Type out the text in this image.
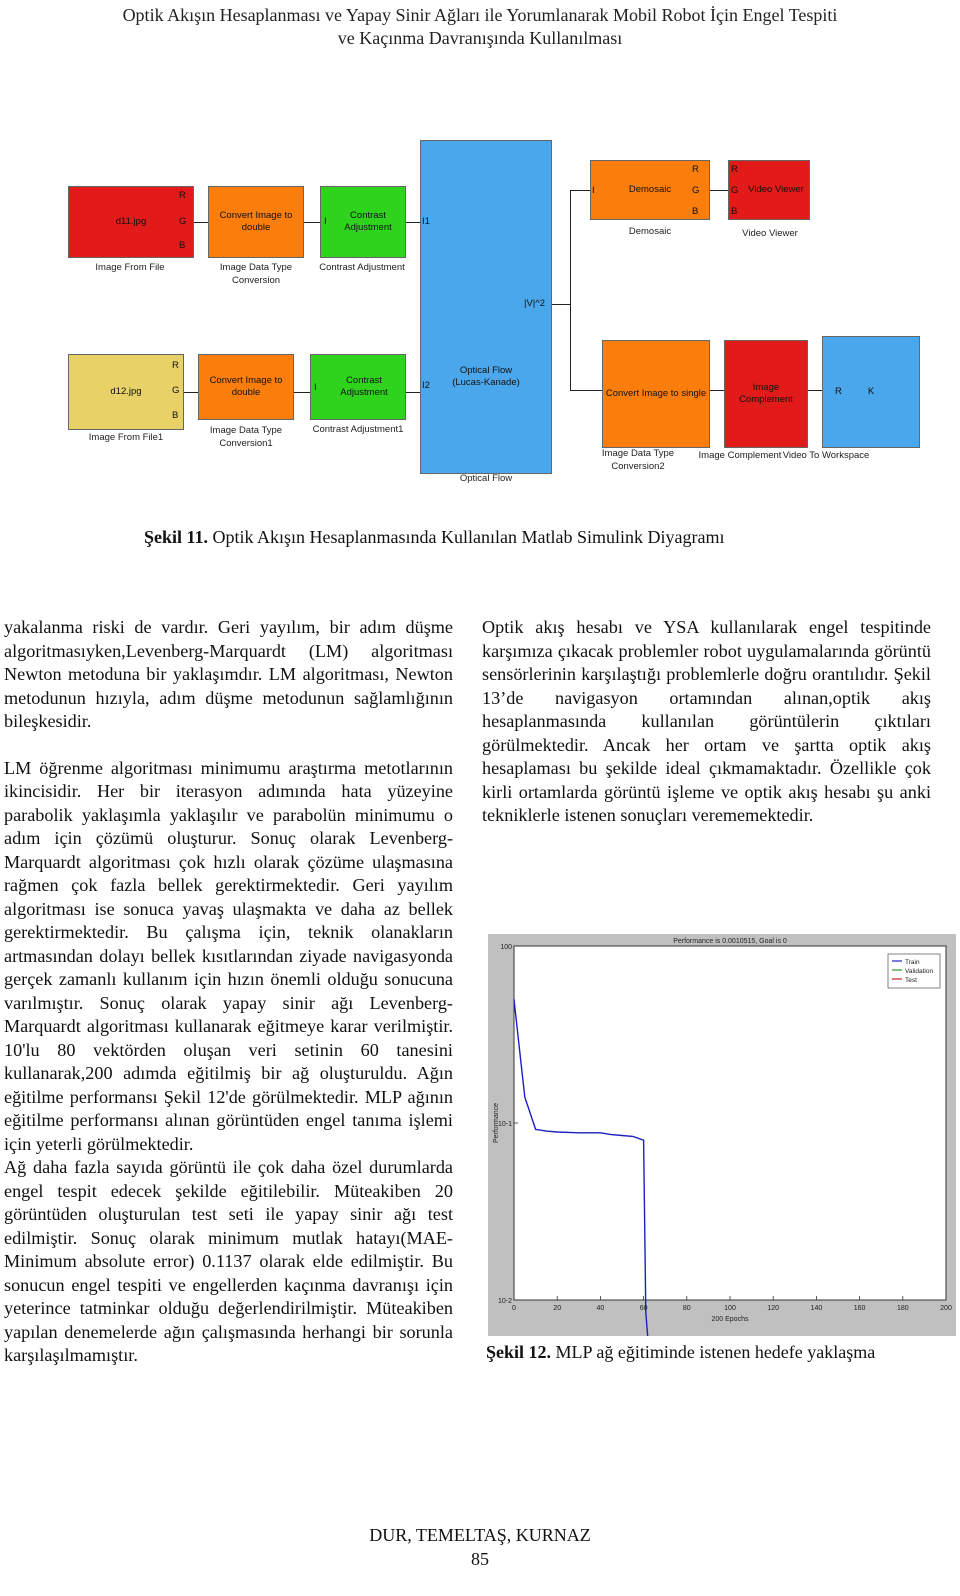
Optik Akışın Hesaplanması ve Yapay Sinir Ağları ile Yorumlanarak Mobil Robot İçin Engel Tespiti
ve Kaçınma Davranışında Kullanılması
d11.jpg
R
G
B
Image From File
Convert Image to double
Image Data Type
Conversion
Contrast Adjustment
I
Contrast Adjustment
Optical Flow
(Lucas-Kanade)
I1
I2
|V|^2
Optical Flow
Demosaic
I
R
G
B
Demosaic
Video Viewer
R
G
B
Video Viewer
d12.jpg
R
G
B
Image From File1
Convert Image to double
Image Data Type
Conversion1
Contrast Adjustment
I
Contrast Adjustment1
Convert Image to single
Image Data Type
Conversion2
Image Complement
Image Complement
R	K
Video To Workspace
Şekil 11. Optik Akışın Hesaplanmasında Kullanılan Matlab Simulink Diyagramı

yakalanma riski de vardır. Geri yayılım, bir adım düşme algoritmasıyken,Levenberg-Marquardt (LM) algoritması Newton metoduna bir yaklaşımdır. LM algoritması, Newton metodunun hızıyla, adım düşme metodunun sağlamlığının bileşkesidir.

LM öğrenme algoritması minimumu araştırma metotlarının ikincisidir. Her bir iterasyon adımında hata yüzeyine parabolik yaklaşımla yaklaşılır ve parabolün minimumu o adım için çözümü oluşturur. Sonuç olarak Levenberg-Marquardt algoritması çok hızlı olarak çözüme ulaşmasına rağmen çok fazla bellek gerektirmektedir. Geri yayılım algoritması ise sonuca yavaş ulaşmakta ve daha az bellek gerektirmektedir. Bu çalışma için, teknik olanakların artmasından dolayı bellek kısıtlarından ziyade navigasyonda gerçek zamanlı kullanım için hızın önemli olduğu sonucuna varılmıştır. Sonuç olarak yapay sinir ağı Levenberg-Marquardt algoritması kullanarak eğitmeye karar verilmiştir. 10'lu 80 vektörden oluşan veri setinin 60 tanesini kullanarak,200 adımda eğitilmiş bir ağ oluşturuldu. Ağın eğitilme performansı Şekil 12'de görülmektedir. MLP ağının eğitilme performansı alınan görüntüden engel tanıma işlemi için yeterli görülmektedir.

Ağ daha fazla sayıda görüntü ile çok daha özel durumlarda engel tespit edecek şekilde eğitilebilir. Müteakiben 20 görüntüden oluşturulan test seti ile yapay sinir ağı test edilmiştir. Sonuç olarak minimum mutlak hatayı(MAE-Minimum absolute error) 0.1137 olarak elde edilmiştir. Bu sonucun engel tespiti ve engellerden kaçınma davranışı için yeterince tatminkar olduğu değerlendirilmiştir. Müteakiben yapılan denemelerde ağın çalışmasında herhangi bir sorunla karşılaşılmamıştır.

Optik akış hesabı ve YSA kullanılarak engel tespitinde karşımıza çıkacak problemler robot uygulamalarında görüntü sensörlerinin karşılaştığı problemlerle doğru orantılıdır. Şekil 13’de navigasyon ortamından alınan,optik akış hesaplanmasında kullanılan görüntülerin çıktıları görülmektedir. Ancak her ortam ve şartta optik akış hesaplaması bu şekilde ideal çıkmamaktadır. Özellikle çok kirli ortamlarda görüntü işleme ve optik akış hesabı şu anki tekniklerle istenen sonuçları verememektedir.

Performance is 0.0010515, Goal is 0
0	20	40	60	80	100	120	140	160	180	200
100
10-1
10-2
200 Epochs
Performance
Train
Validation
Test
Şekil 12. MLP ağ eğitiminde istenen hedefe yaklaşma
DUR, TEMELTAŞ, KURNAZ
85
